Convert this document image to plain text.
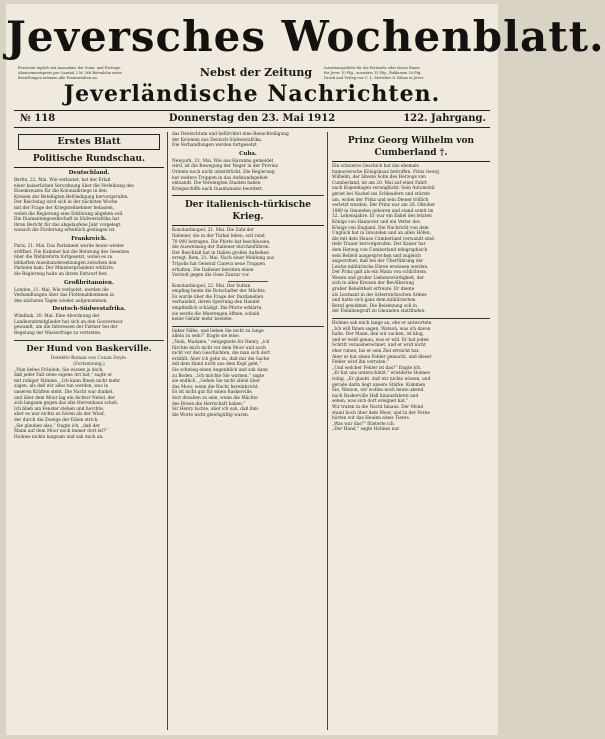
Jeversches Wochenblatt.
Erscheint täglich mit Ausnahme der Sonn- und Festtage.
Abonnementspreis pro Quartal 2 M. Mit Botenlohn extra.
Bestellungen nehmen alle Postanstalten an.	Nebst der Zeitung	Insertionsgebühr für die Petitzeile oder deren Raum
für Jever 10 Pfg., auswärts 15 Pfg., Reklamen 30 Pfg.
Druck und Verlag von C. L. Mettcker & Söhne in Jever.
Jeverländische Nachrichten.
№ 118	Donnerstag den 23. Mai 1912	122. Jahrgang.
Erstes Blatt
Politische Rundschau.
Deutschland.
Berlin, 22. Mai. Wie verlautet, hat der Erlaß
einer kaiserlichen Verordnung über die Verleihung des
Eisenkreuzes für die Kolonialkriege in den
Kreisen der Beteiligten Befriedigung hervorgerufen.
Der Reichstag wird sich in der nächsten Woche
mit der Frage der Kriegsteilnehmer befassen,
wobei die Regierung eine Erklärung abgeben soll.
Die Diamantengesellschaft in Südwestafrika hat
ihren Bericht für das abgelaufene Jahr vorgelegt,
wonach die Förderung erheblich gestiegen ist.
Frankreich.
Paris, 21. Mai. Das Parlament wurde heute wieder
eröffnet. Die Kammer hat die Beratung des Gesetzes
über die Wahlreform fortgesetzt, wobei es zu
lebhaften Auseinandersetzungen zwischen den
Parteien kam. Der Ministerpräsident erklärte,
die Regierung halte an ihrem Entwurf fest.
Großbritannien.
London, 21. Mai. Wie verlautet, werden die
Verhandlungen über das Flottenabkommen in
den nächsten Tagen wieder aufgenommen.
Deutsch-Südwestafrika.
Windhuk, 20. Mai. Eine Abordnung der
Landesratsmitglieder hat sich an den Gouverneur
gewandt, um die Interessen der Farmer bei der
Regelung der Wasserfrage zu vertreten.
Der Hund von Baskerville.
Detektiv-Roman von Conan Doyle.
(Fortsetzung.)
„Nun liebes Fräulein, Sie wissen ja doch,
daß jeder Fall seine eigene Art hat,“ sagte er
mit ruhiger Stimme. „Ich kann Ihnen nicht mehr
sagen, als daß wir alles tun werden, was in
unseren Kräften steht. Die Nacht war dunkel,
und über dem Moor lag ein dichter Nebel, der
sich langsam gegen das alte Herrenhaus schob.
Ich blieb am Fenster stehen und horchte,
aber es war nichts zu hören als der Wind,
der durch die Zweige der Eiben strich.
„Sie glauben also,“ fragte ich, „daß der
Mann auf dem Moor noch immer dort ist?“
Holmes nickte langsam und sah mich an.
das Deutschtum und befürchtet eine Benachteiligung
der Kolonien aus Deutsch-Südwestafrika.
Die Verhandlungen werden fortgesetzt.
Cuba.
Newyork, 21. Mai. Wie aus Havanna gemeldet
wird, ist die Bewegung der Neger in der Provinz
Oriente noch nicht unterdrückt. Die Regierung
hat weitere Truppen in das Aufstandsgebiet
entsandt. Die Vereinigten Staaten haben
Kriegsschiffe nach Guantanamo beordert.
Der italienisch-türkische Krieg.
Konstantinopel, 21. Mai. Die Zahl der
Italiener, die in der Türkei leben, soll rund
70 000 betragen. Die Pforte hat beschlossen,
die Ausweisung der Italiener durchzuführen.
Der Beschluß hat in Italien großes Aufsehen
erregt. Rom, 21. Mai. Nach einer Meldung aus
Tripolis hat General Caneva neue Truppen
erhalten. Die Italiener bereiten einen
Vorstoß gegen die Oase Zanzur vor.
Konstantinopel, 22. Mai. Der Sultan
empfing heute die Botschafter der Mächte.
Es wurde über die Frage der Dardanellen
verhandelt, deren Sperrung den Handel
empfindlich schädigt. Die Pforte erklärte,
sie werde die Meerengen öffnen, sobald
keine Gefahr mehr bestehe.
linker Nähe, und lieben Sie nicht zu lange
allein zu sein?“ fragte sie leise.
„Nein, Madame,“ entgegnete Sir Henry, „ich
fürchte mich nicht vor dem Moor und auch
nicht vor den Geschichten, die man sich dort
erzählt. Aber ich gebe zu, daß mir die Sache
mit dem Hund nicht aus dem Kopf geht.“
Sie schwieg einen Augenblick und sah dann
zu Boden. „Ich möchte Sie warnen,“ sagte
sie endlich. „Gehen Sie nicht allein über
das Moor, wenn die Nacht hereinbricht.
Es ist nicht gut für einen Baskerville,
dort draußen zu sein, wenn die Mächte
des Bösen die Herrschaft haben.“
Sir Henry lachte, aber ich sah, daß ihm
die Worte nicht gleichgültig waren.
Prinz Georg Wilhelm von Cumberland †.
Ein schweres Geschick hat das ehemals
hannoversche Königshaus betroffen. Prinz Georg
Wilhelm, der älteste Sohn des Herzogs von
Cumberland, ist am 20. Mai auf einer Fahrt
nach Kopenhagen verunglückt. Sein Automobil
geriet bei Nackel ins Schleudern und stürzte
um, wobei der Prinz und sein Diener tödlich
verletzt wurden. Der Prinz war am 28. Oktober
1880 in Gmunden geboren und stand somit im
32. Lebensjahre. Er war ein Enkel des letzten
Königs von Hannover und ein Vetter des
Königs von England. Die Nachricht von dem
Unglück hat in Gmunden und an allen Höfen,
die mit dem Hause Cumberland verwandt sind,
tiefe Trauer hervorgerufen. Der Kaiser hat
dem Herzog von Cumberland telegraphisch
sein Beileid ausgesprochen und zugleich
angeordnet, daß bei der Überführung der
Leiche militärische Ehren erwiesen werden.
Der Prinz galt als ein Mann von schlichtem
Wesen und großer Liebenswürdigkeit, der
sich in allen Kreisen der Bevölkerung
großer Beliebtheit erfreute. Er diente
als Leutnant in der österreichischen Armee
und hatte sich ganz dem militärischen
Beruf gewidmet. Die Beisetzung soll in
der Familiengruft zu Gmunden stattfinden.
Holmes sah mich lange an, ehe er antwortete.
„Ich will Ihnen sagen, Watson, was ich davon
halte. Der Mann, den wir suchen, ist klug,
und er weiß genau, was er will. Er hat jeden
Schritt vorausberechnet, und er wird nicht
eher ruhen, bis er sein Ziel erreicht hat.
Aber er hat einen Fehler gemacht, und dieser
Fehler wird ihn verraten.“
„Und welcher Fehler ist das?“ fragte ich.
„Er hat uns unterschätzt,“ erwiderte Holmes
ruhig. „Er glaubt, daß wir nichts wissen, und
gerade darin liegt unsere Stärke. Kommen
Sie, Watson, wir wollen noch heute abend
nach Baskerville Hall hinausfahren und
sehen, was sich dort ereignet hat.“
Wir traten in die Nacht hinaus. Der Mond
stand hoch über dem Moor, und in der Ferne
hörten wir das Heulen eines Tieres.
„Was war das?“ flüsterte ich.
„Der Hund,“ sagte Holmes nur.
